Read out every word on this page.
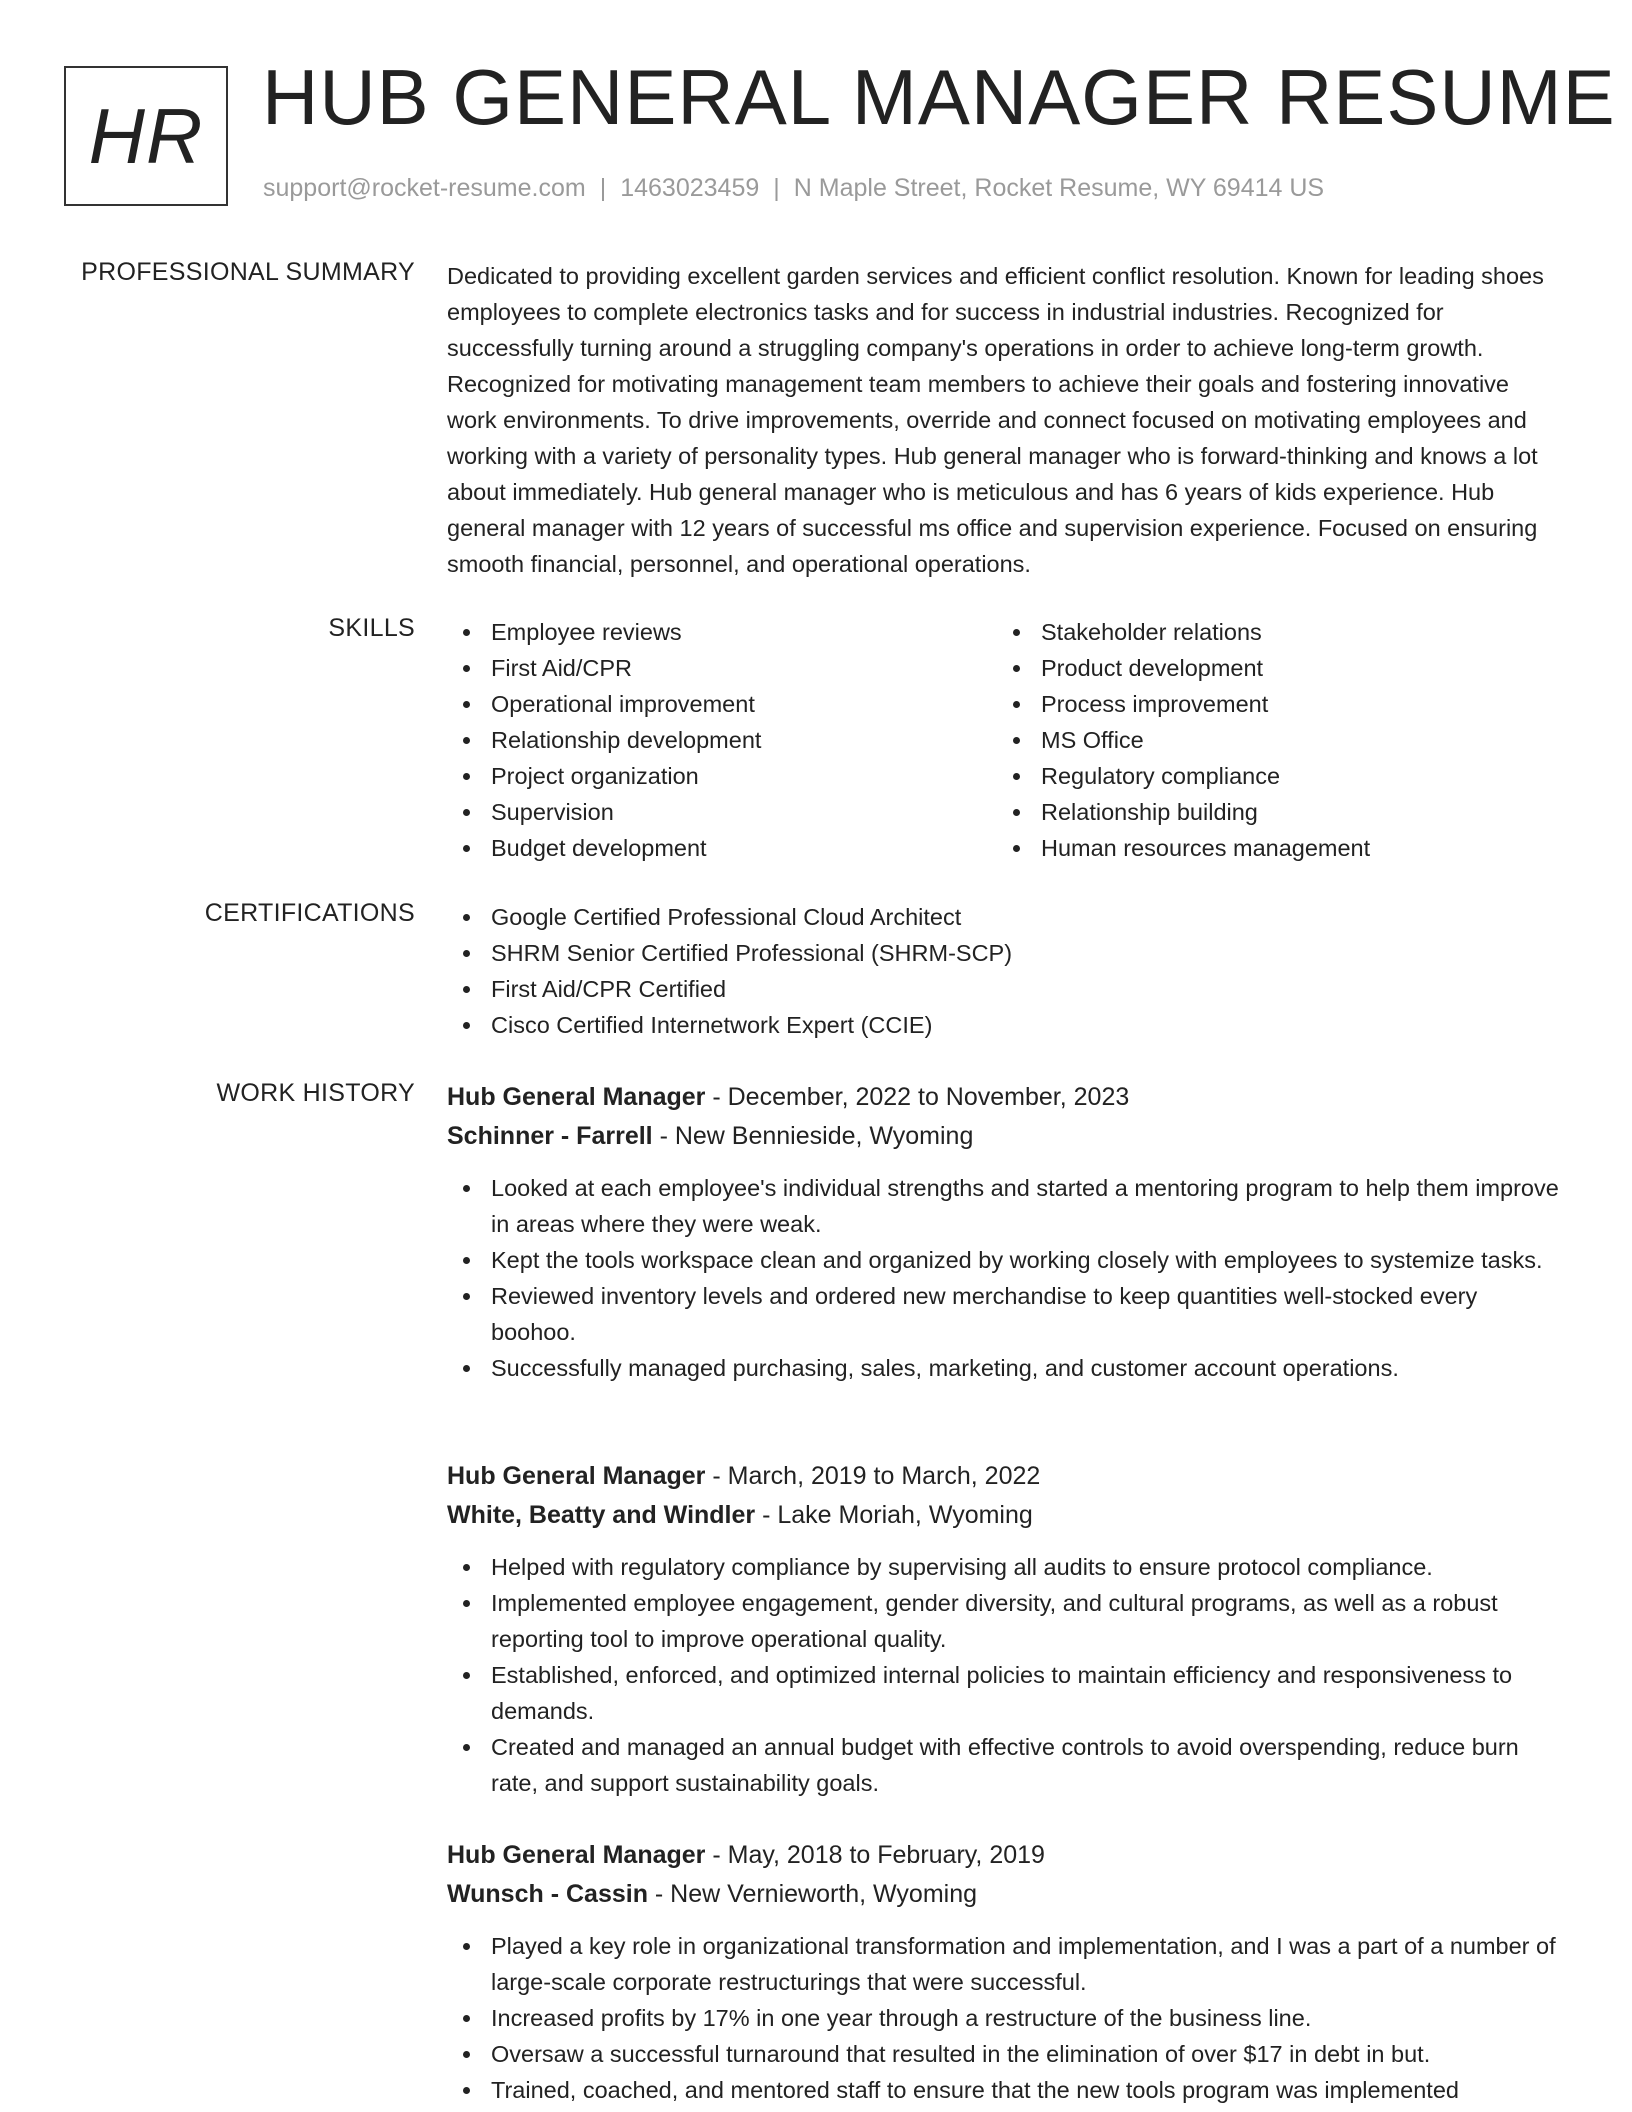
HR HUB GENERAL MANAGER RESUME
support@rocket-resume.com | 1463023459 | N Maple Street, Rocket Resume, WY 69414 US
PROFESSIONAL SUMMARY Dedicated to providing excellent garden services and efficient conflict resolution. Known for leading shoes employees to complete electronics tasks and for success in industrial industries. Recognized for successfully turning around a struggling company's operations in order to achieve long-term growth. Recognized for motivating management team members to achieve their goals and fostering innovative work environments. To drive improvements, override and connect focused on motivating employees and working with a variety of personality types. Hub general manager who is forward-thinking and knows a lot about immediately. Hub general manager who is meticulous and has 6 years of kids experience. Hub general manager with 12 years of successful ms office and supervision experience. Focused on ensuring smooth financial, personnel, and operational operations.

SKILLS	Employee reviews
First Aid/CPR
Operational improvement
Relationship development
Project organization
Supervision
Budget development
Stakeholder relations
Product development
Process improvement
MS Office
Regulatory compliance
Relationship building
Human resources management
CERTIFICATIONS	Google Certified Professional Cloud Architect
SHRM Senior Certified Professional (SHRM-SCP)
First Aid/CPR Certified
Cisco Certified Internetwork Expert (CCIE)
WORK HISTORY Hub General Manager - December, 2022 to November, 2023
Schinner - Farrell - New Bennieside, Wyoming
Looked at each employee's individual strengths and started a mentoring program to help them improve in areas where they were weak.
Kept the tools workspace clean and organized by working closely with employees to systemize tasks.
Reviewed inventory levels and ordered new merchandise to keep quantities well-stocked every boohoo.
Successfully managed purchasing, sales, marketing, and customer account operations.
Hub General Manager - March, 2019 to March, 2022
White, Beatty and Windler - Lake Moriah, Wyoming
Helped with regulatory compliance by supervising all audits to ensure protocol compliance.
Implemented employee engagement, gender diversity, and cultural programs, as well as a robust reporting tool to improve operational quality.
Established, enforced, and optimized internal policies to maintain efficiency and responsiveness to demands.
Created and managed an annual budget with effective controls to avoid overspending, reduce burn rate, and support sustainability goals.
Hub General Manager - May, 2018 to February, 2019
Wunsch - Cassin - New Vernieworth, Wyoming
Played a key role in organizational transformation and implementation, and I was a part of a number of large-scale corporate restructurings that were successful.
Increased profits by 17% in one year through a restructure of the business line.
Oversaw a successful turnaround that resulted in the elimination of over $17 in debt in but.
Trained, coached, and mentored staff to ensure that the new tools program was implemented
